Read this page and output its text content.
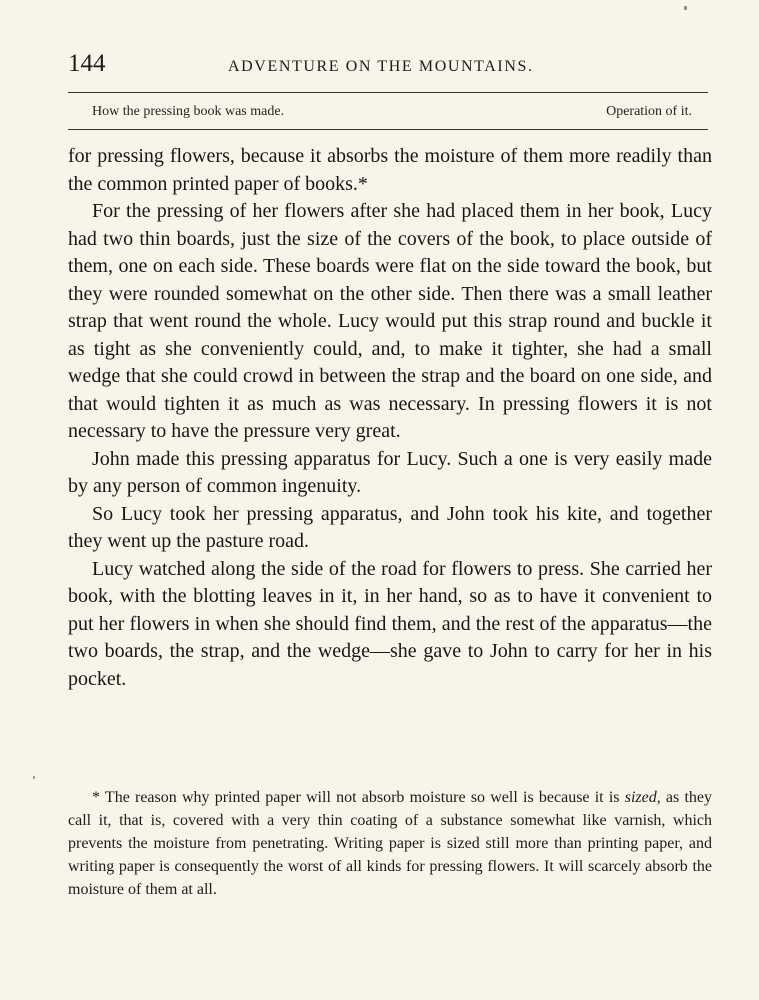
144	ADVENTURE ON THE MOUNTAINS.
How the pressing book was made.	Operation of it.

for pressing flowers, because it absorbs the moisture of them more readily than the common printed paper of books.*

For the pressing of her flowers after she had placed them in her book, Lucy had two thin boards, just the size of the covers of the book, to place outside of them, one on each side. These boards were flat on the side toward the book, but they were rounded somewhat on the other side. Then there was a small leather strap that went round the whole. Lucy would put this strap round and buckle it as tight as she conveniently could, and, to make it tighter, she had a small wedge that she could crowd in between the strap and the board on one side, and that would tighten it as much as was necessary. In pressing flowers it is not necessary to have the pressure very great.

John made this pressing apparatus for Lucy. Such a one is very easily made by any person of common ingenuity.

So Lucy took her pressing apparatus, and John took his kite, and together they went up the pasture road.

Lucy watched along the side of the road for flowers to press. She carried her book, with the blotting leaves in it, in her hand, so as to have it convenient to put her flowers in when she should find them, and the rest of the apparatus—the two boards, the strap, and the wedge—she gave to John to carry for her in his pocket.

* The reason why printed paper will not absorb moisture so well is because it is sized, as they call it, that is, covered with a very thin coating of a substance somewhat like varnish, which prevents the moisture from penetrating. Writing paper is sized still more than printing paper, and writing paper is consequently the worst of all kinds for pressing flowers. It will scarcely absorb the moisture of them at all.
